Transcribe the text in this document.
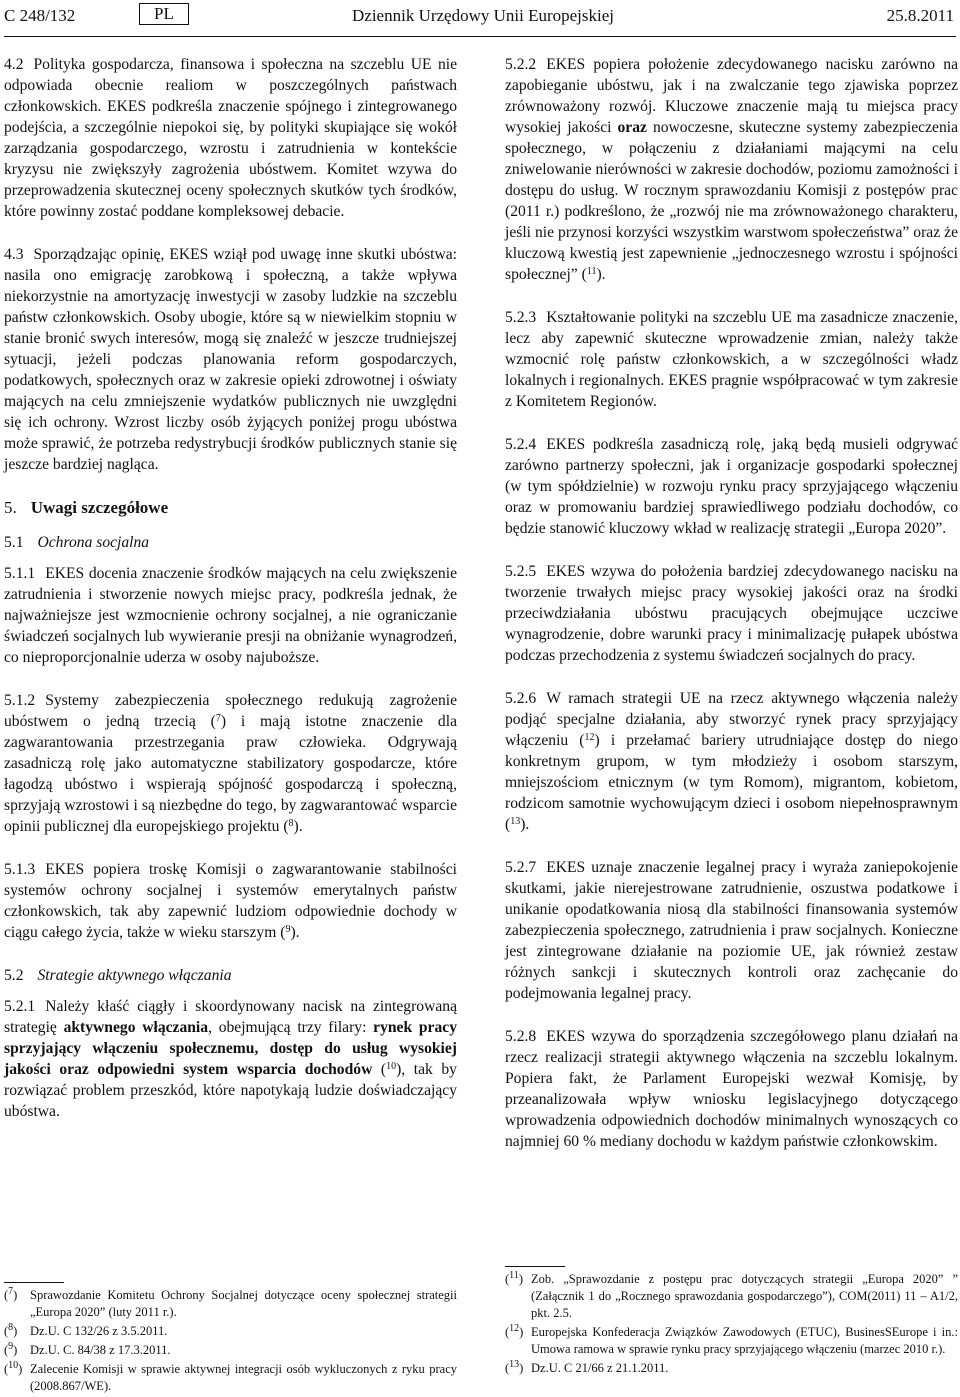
C 248/132	PL	Dziennik Urzędowy Unii Europejskiej	25.8.2011

4.2 Polityka gospodarcza, finansowa i społeczna na szczeblu UE nie odpowiada obecnie realiom w poszczególnych państwach członkowskich. EKES podkreśla znaczenie spójnego i zintegrowanego podejścia, a szczególnie niepokoi się, by polityki skupiające się wokół zarządzania gospodarczego, wzrostu i zatrudnienia w kontekście kryzysu nie zwiększyły zagrożenia ubóstwem. Komitet wzywa do przeprowadzenia skutecznej oceny społecznych skutków tych środków, które powinny zostać poddane kompleksowej debacie.

4.3 Sporządzając opinię, EKES wziął pod uwagę inne skutki ubóstwa: nasila ono emigrację zarobkową i społeczną, a także wpływa niekorzystnie na amortyzację inwestycji w zasoby ludzkie na szczeblu państw członkowskich. Osoby ubogie, które są w niewielkim stopniu w stanie bronić swych interesów, mogą się znaleźć w jeszcze trudniejszej sytuacji, jeżeli podczas planowania reform gospodarczych, podatkowych, społecznych oraz w zakresie opieki zdrowotnej i oświaty mających na celu zmniejszenie wydatków publicznych nie uwzględni się ich ochrony. Wzrost liczby osób żyjących poniżej progu ubóstwa może sprawić, że potrzeba redystrybucji środków publicznych stanie się jeszcze bardziej nagląca.

5. Uwagi szczegółowe
5.1 Ochrona socjalna

5.1.1 EKES docenia znaczenie środków mających na celu zwiększenie zatrudnienia i stworzenie nowych miejsc pracy, podkreśla jednak, że najważniejsze jest wzmocnienie ochrony socjalnej, a nie ograniczanie świadczeń socjalnych lub wywieranie presji na obniżanie wynagrodzeń, co nieproporcjonalnie uderza w osoby najuboższe.

5.1.2 Systemy zabezpieczenia społecznego redukują zagrożenie ubóstwem o jedną trzecią ($^7$) i mają istotne znaczenie dla zagwarantowania przestrzegania praw człowieka. Odgrywają zasadniczą rolę jako automatyczne stabilizatory gospodarcze, które łagodzą ubóstwo i wspierają spójność gospodarczą i społeczną, sprzyjają wzrostowi i są niezbędne do tego, by zagwarantować wsparcie opinii publicznej dla europejskiego projektu ($^8$).

5.1.3 EKES popiera troskę Komisji o zagwarantowanie stabilności systemów ochrony socjalnej i systemów emerytalnych państw członkowskich, tak aby zapewnić ludziom odpowiednie dochody w ciągu całego życia, także w wieku starszym ($^9$).

5.2 Strategie aktywnego włączania

5.2.1 Należy kłaść ciągły i skoordynowany nacisk na zintegrowaną strategię aktywnego włączania, obejmującą trzy filary: rynek pracy sprzyjający włączeniu społecznemu, dostęp do usług wysokiej jakości oraz odpowiedni system wsparcia dochodów ($^{10}$), tak by rozwiązać problem przeszkód, które napotykają ludzie doświadczający ubóstwa.

($^7$)	Sprawozdanie Komitetu Ochrony Socjalnej dotyczące oceny społecznej strategii „Europa 2020” (luty 2011 r.).
($^8$)	Dz.U. C 132/26 z 3.5.2011.
($^9$)	Dz.U. C. 84/38 z 17.3.2011.
($^{10}$) Zalecenie Komisji w sprawie aktywnej integracji osób wykluczonych z ryku pracy (2008.867/WE).

5.2.2 EKES popiera położenie zdecydowanego nacisku zarówno na zapobieganie ubóstwu, jak i na zwalczanie tego zjawiska poprzez zrównoważony rozwój. Kluczowe znaczenie mają tu miejsca pracy wysokiej jakości oraz nowoczesne, skuteczne systemy zabezpieczenia społecznego, w połączeniu z działaniami mającymi na celu zniwelowanie nierówności w zakresie dochodów, poziomu zamożności i dostępu do usług. W rocznym sprawozdaniu Komisji z postępów prac (2011 r.) podkreślono, że „rozwój nie ma zrównoważonego charakteru, jeśli nie przynosi korzyści wszystkim warstwom społeczeństwa” oraz że kluczową kwestią jest zapewnienie „jednoczesnego wzrostu i spójności społecznej” ($^{11}$).

5.2.3 Kształtowanie polityki na szczeblu UE ma zasadnicze znaczenie, lecz aby zapewnić skuteczne wprowadzenie zmian, należy także wzmocnić rolę państw członkowskich, a w szczególności władz lokalnych i regionalnych. EKES pragnie współpracować w tym zakresie z Komitetem Regionów.

5.2.4 EKES podkreśla zasadniczą rolę, jaką będą musieli odgrywać zarówno partnerzy społeczni, jak i organizacje gospodarki społecznej (w tym spółdzielnie) w rozwoju rynku pracy sprzyjającego włączeniu oraz w promowaniu bardziej sprawiedliwego podziału dochodów, co będzie stanowić kluczowy wkład w realizację strategii „Europa 2020”.

5.2.5 EKES wzywa do położenia bardziej zdecydowanego nacisku na tworzenie trwałych miejsc pracy wysokiej jakości oraz na środki przeciwdziałania ubóstwu pracujących obejmujące uczciwe wynagrodzenie, dobre warunki pracy i minimalizację pułapek ubóstwa podczas przechodzenia z systemu świadczeń socjalnych do pracy.

5.2.6 W ramach strategii UE na rzecz aktywnego włączenia należy podjąć specjalne działania, aby stworzyć rynek pracy sprzyjający włączeniu ($^{12}$) i przełamać bariery utrudniające dostęp do niego konkretnym grupom, w tym młodzieży i osobom starszym, mniejszościom etnicznym (w tym Romom), migrantom, kobietom, rodzicom samotnie wychowującym dzieci i osobom niepełnosprawnym ($^{13}$).

5.2.7 EKES uznaje znaczenie legalnej pracy i wyraża zaniepokojenie skutkami, jakie nierejestrowane zatrudnienie, oszustwa podatkowe i unikanie opodatkowania niosą dla stabilności finansowania systemów zabezpieczenia społecznego, zatrudnienia i praw socjalnych. Konieczne jest zintegrowane działanie na poziomie UE, jak również zestaw różnych sankcji i skutecznych kontroli oraz zachęcanie do podejmowania legalnej pracy.

5.2.8 EKES wzywa do sporządzenia szczegółowego planu działań na rzecz realizacji strategii aktywnego włączenia na szczeblu lokalnym. Popiera fakt, że Parlament Europejski wezwał Komisję, by przeanalizowała wpływ wniosku legislacyjnego dotyczącego wprowadzenia odpowiednich dochodów minimalnych wynoszących co najmniej 60 % mediany dochodu w każdym państwie członkowskim.

($^{11}$) Zob. „Sprawozdanie z postępu prac dotyczących strategii „Europa 2020” ” (Załącznik 1 do „Rocznego sprawozdania gospodarczego”), COM(2011) 11 – A1/2, pkt. 2.5.
($^{12}$) Europejska Konfederacja Związków Zawodowych (ETUC), BusinesSEurope i in.: Umowa ramowa w sprawie rynku pracy sprzyjającego włączeniu (marzec 2010 r.).
($^{13}$) Dz.U. C 21/66 z 21.1.2011.
